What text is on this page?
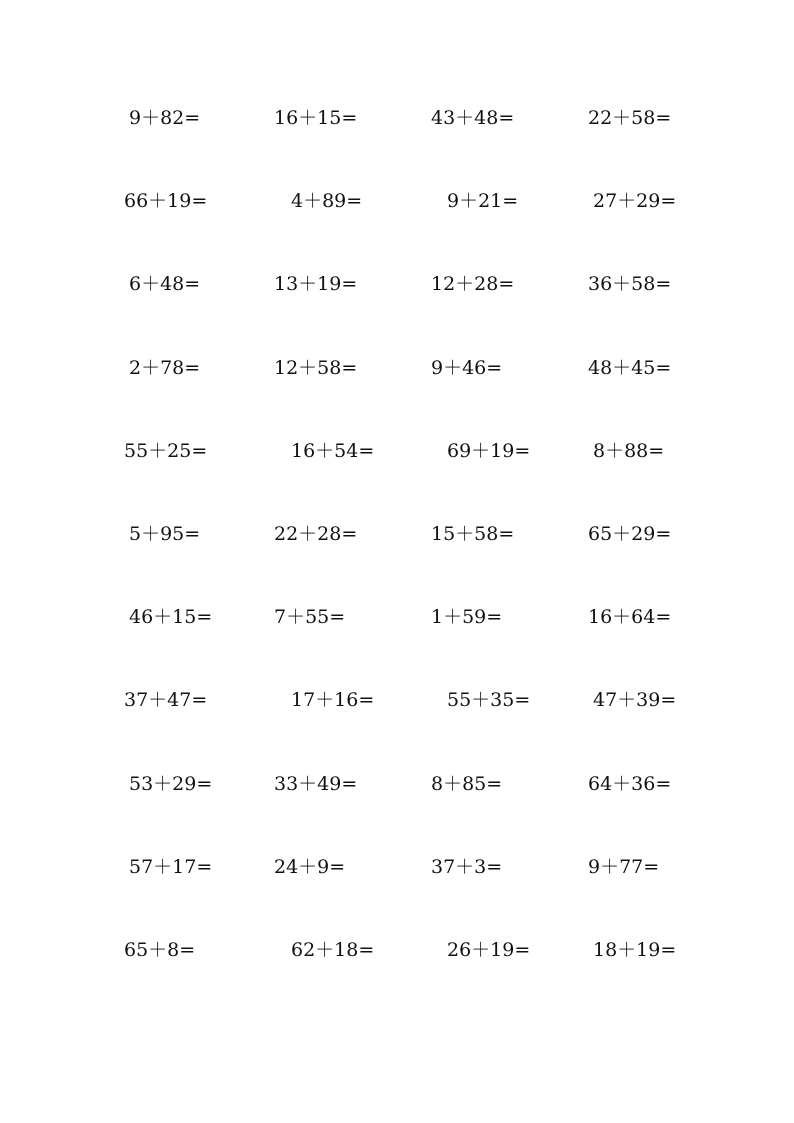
9＋82=	16＋15=	43＋48=	22＋58=
66＋19=	4＋89=	9＋21=	27＋29=
6＋48=	13＋19=	12＋28=	36＋58=
2＋78=	12＋58=	9＋46=	48＋45=
55＋25=	16＋54=	69＋19=	8＋88=
5＋95=	22＋28=	15＋58=	65＋29=
46＋15=	7＋55=	1＋59=	16＋64=
37＋47=	17＋16=	55＋35=	47＋39=
53＋29=	33＋49=	8＋85=	64＋36=
57＋17=	24＋9=	37＋3=	9＋77=
65＋8=	62＋18=	26＋19=	18＋19=
